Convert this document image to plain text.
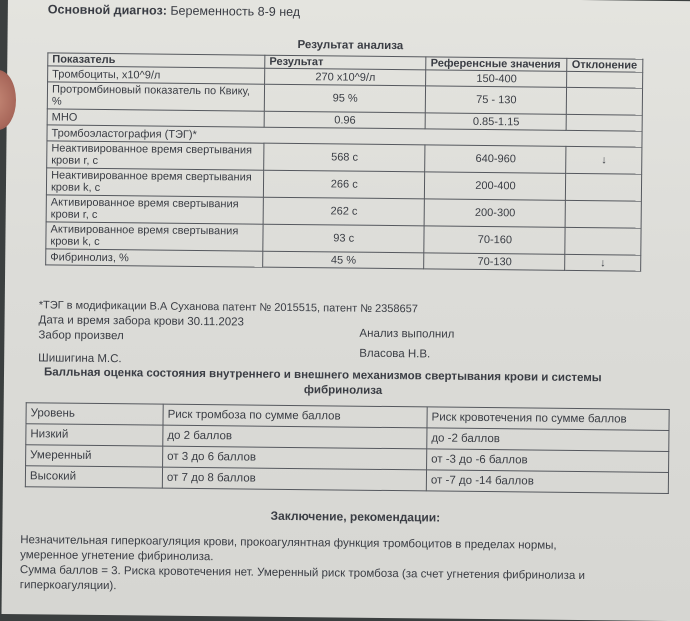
Основной диагноз: Беременность 8-9 нед
Результат анализа
Показатель	Результат	Референсные значения	Отклонение
Тромбоциты, х10^9/л	270 х10^9/л	150-400	
Протромбиновый показатель по Квику, %	95 %	75 - 130	
МНО	0.96	0.85-1.15	
Тромбоэластография (ТЭГ)*			
Неактивированное время свертывания крови r, с	568 с	640-960	↓
Неактивированное время свертывания крови k, с	266 с	200-400	
Активированное время свертывания крови r, с	262 с	200-300	
Активированное время свертывания крови k, с	93 с	70-160	
Фибринолиз, %	45 %	70-130	↓
*ТЭГ в модификации В.А Суханова патент № 2015515, патент № 2358657
Дата и время забора крови 30.11.2023
Забор произвел
Шишигина М.С.
Анализ выполнил
Власова Н.В.
Балльная оценка состояния внутреннего и внешнего механизмов свертывания крови и системы
фибринолиза
Уровень	Риск тромбоза по сумме баллов	Риск кровотечения по сумме баллов
Низкий	до 2 баллов	до -2 баллов
Умеренный	от 3 до 6 баллов	от -3 до -6 баллов
Высокий	от 7 до 8 баллов	от -7 до -14 баллов
Заключение, рекомендации:
Незначительная гиперкоагуляция крови, прокоагулянтная функция тромбоцитов в пределах нормы,
умеренное угнетение фибринолиза.
Сумма баллов = 3. Риска кровотечения нет. Умеренный риск тромбоза (за счет угнетения фибринолиза и
гиперкоагуляции).
